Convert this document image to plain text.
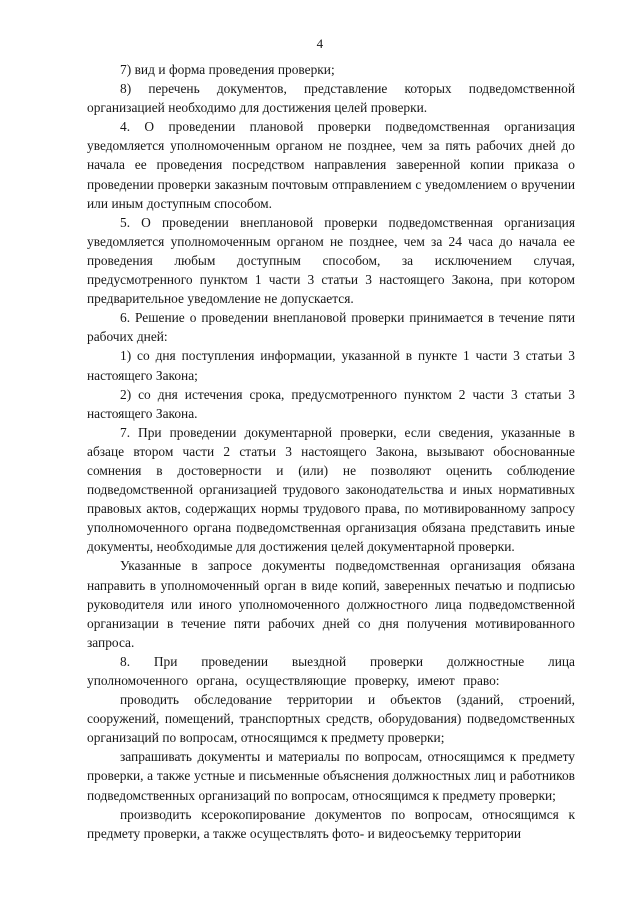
4

7) вид и форма проведения проверки;

8) перечень документов, представление которых подведомственной организацией необходимо для достижения целей проверки.

4. О проведении плановой проверки подведомственная организация уведомляется уполномоченным органом не позднее, чем за пять рабочих дней до начала ее проведения посредством направления заверенной копии приказа о проведении проверки заказным почтовым отправлением с уведомлением о вручении или иным доступным способом.

5. О проведении внеплановой проверки подведомственная организация уведомляется уполномоченным органом не позднее, чем за 24 часа до начала ее проведения любым доступным способом, за исключением случая, предусмотренного пунктом 1 части 3 статьи 3 настоящего Закона, при котором предварительное уведомление не допускается.

6. Решение о проведении внеплановой проверки принимается в течение пяти рабочих дней:

1) со дня поступления информации, указанной в пункте 1 части 3 статьи 3 настоящего Закона;

2) со дня истечения срока, предусмотренного пунктом 2 части 3 статьи 3 настоящего Закона.

7. При проведении документарной проверки, если сведения, указанные в абзаце втором части 2 статьи 3 настоящего Закона, вызывают обоснованные сомнения в достоверности и (или) не позволяют оценить соблюдение подведомственной организацией трудового законодательства и иных нормативных правовых актов, содержащих нормы трудового права, по мотивированному запросу уполномоченного органа подведомственная организация обязана представить иные документы, необходимые для достижения целей документарной проверки.

Указанные в запросе документы подведомственная организация обязана направить в уполномоченный орган в виде копий, заверенных печатью и подписью руководителя или иного уполномоченного должностного лица подведомственной организации в течение пяти рабочих дней со дня получения мотивированного запроса.

8. При проведении выездной проверки должностные лица уполномоченного органа, осуществляющие проверку, имеют право:

проводить обследование территории и объектов (зданий, строений, сооружений, помещений, транспортных средств, оборудования) подведомственных организаций по вопросам, относящимся к предмету проверки;

запрашивать документы и материалы по вопросам, относящимся к предмету проверки, а также устные и письменные объяснения должностных лиц и работников подведомственных организаций по вопросам, относящимся к предмету проверки;

производить ксерокопирование документов по вопросам, относящимся к предмету проверки, а также осуществлять фото- и видеосъемку территории
